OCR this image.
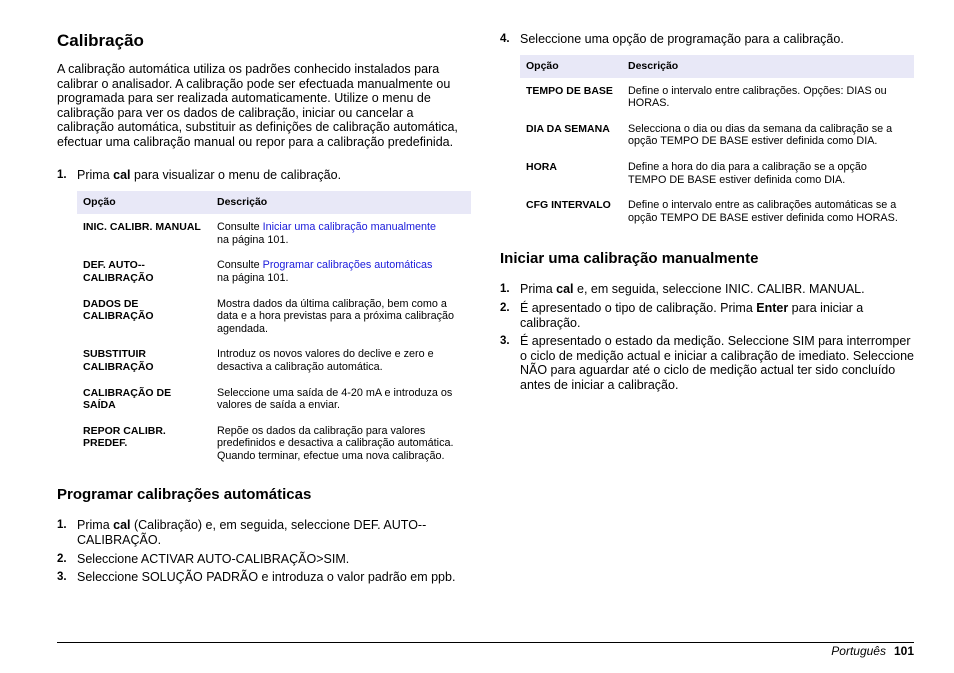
Calibração

A calibração automática utiliza os padrões conhecido instalados para calibrar o analisador. A calibração pode ser efectuada manualmente ou programada para ser realizada automaticamente. Utilize o menu de calibração para ver os dados de calibração, iniciar ou cancelar a calibração automática, substituir as definições de calibração automática, efectuar uma calibração manual ou repor para a calibração predefinida.

1. Prima cal para visualizar o menu de calibração.
Opção	Descrição
INIC. CALIBR. MANUAL	Consulte Iniciar uma calibração manualmente
na página 101.
DEF. AUTO--CALIBRAÇÃO	Consulte Programar calibrações automáticas
na página 101.
DADOS DE CALIBRAÇÃO	Mostra dados da última calibração, bem como a data e a hora previstas para a próxima calibração agendada.
SUBSTITUIR CALIBRAÇÃO	Introduz os novos valores do declive e zero e desactiva a calibração automática.
CALIBRAÇÃO DE SAÍDA	Seleccione uma saída de 4-20 mA e introduza os valores de saída a enviar.
REPOR CALIBR. PREDEF.	Repõe os dados da calibração para valores predefinidos e desactiva a calibração automática. Quando terminar, efectue uma nova calibração.
Programar calibrações automáticas
1. Prima cal (Calibração) e, em seguida, seleccione DEF. AUTO--CALIBRAÇÃO.
2. Seleccione ACTIVAR AUTO-CALIBRAÇÃO>SIM.
3. Seleccione SOLUÇÃO PADRÃO e introduza o valor padrão em ppb.
4. Seleccione uma opção de programação para a calibração.
Opção	Descrição
TEMPO DE BASE	Define o intervalo entre calibrações. Opções: DIAS ou HORAS.
DIA DA SEMANA	Selecciona o dia ou dias da semana da calibração se a opção TEMPO DE BASE estiver definida como DIA.
HORA	Define a hora do dia para a calibração se a opção TEMPO DE BASE estiver definida como DIA.
CFG INTERVALO	Define o intervalo entre as calibrações automáticas se a opção TEMPO DE BASE estiver definida como HORAS.
Iniciar uma calibração manualmente
1. Prima cal e, em seguida, seleccione INIC. CALIBR. MANUAL.
2. É apresentado o tipo de calibração. Prima Enter para iniciar a calibração.
3. É apresentado o estado da medição. Seleccione SIM para interromper o ciclo de medição actual e iniciar a calibração de imediato. Seleccione NÃO para aguardar até o ciclo de medição actual ter sido concluído antes de iniciar a calibração.
Português 101
